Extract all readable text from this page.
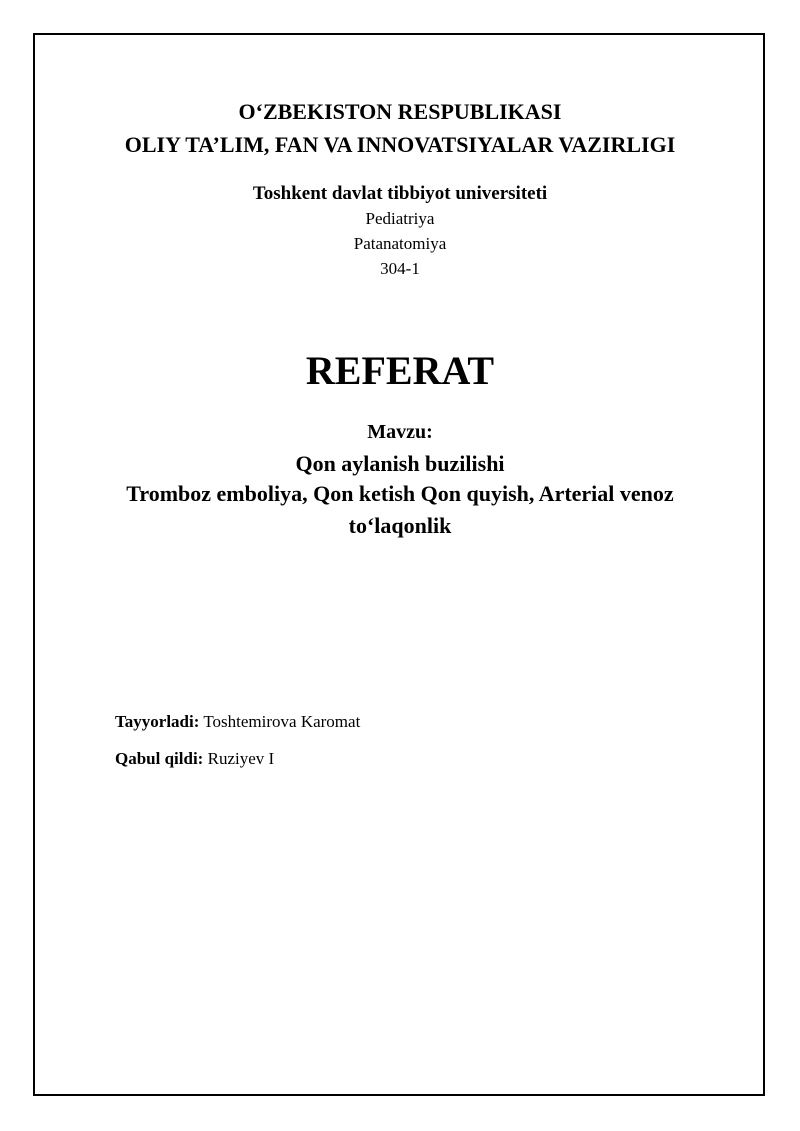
O‘ZBEKISTON RESPUBLIKASI
OLIY TA’LIM, FAN VA INNOVATSIYALAR VAZIRLIGI
Toshkent davlat tibbiyot universiteti
Pediatriya
Patanatomiya
304-1
REFERAT
Mavzu:
Qon aylanish buzilishi
Tromboz emboliya, Qon ketish Qon quyish, Arterial venoz
to‘laqonlik
Tayyorladi: Toshtemirova Karomat
Qabul qildi: Ruziyev I
